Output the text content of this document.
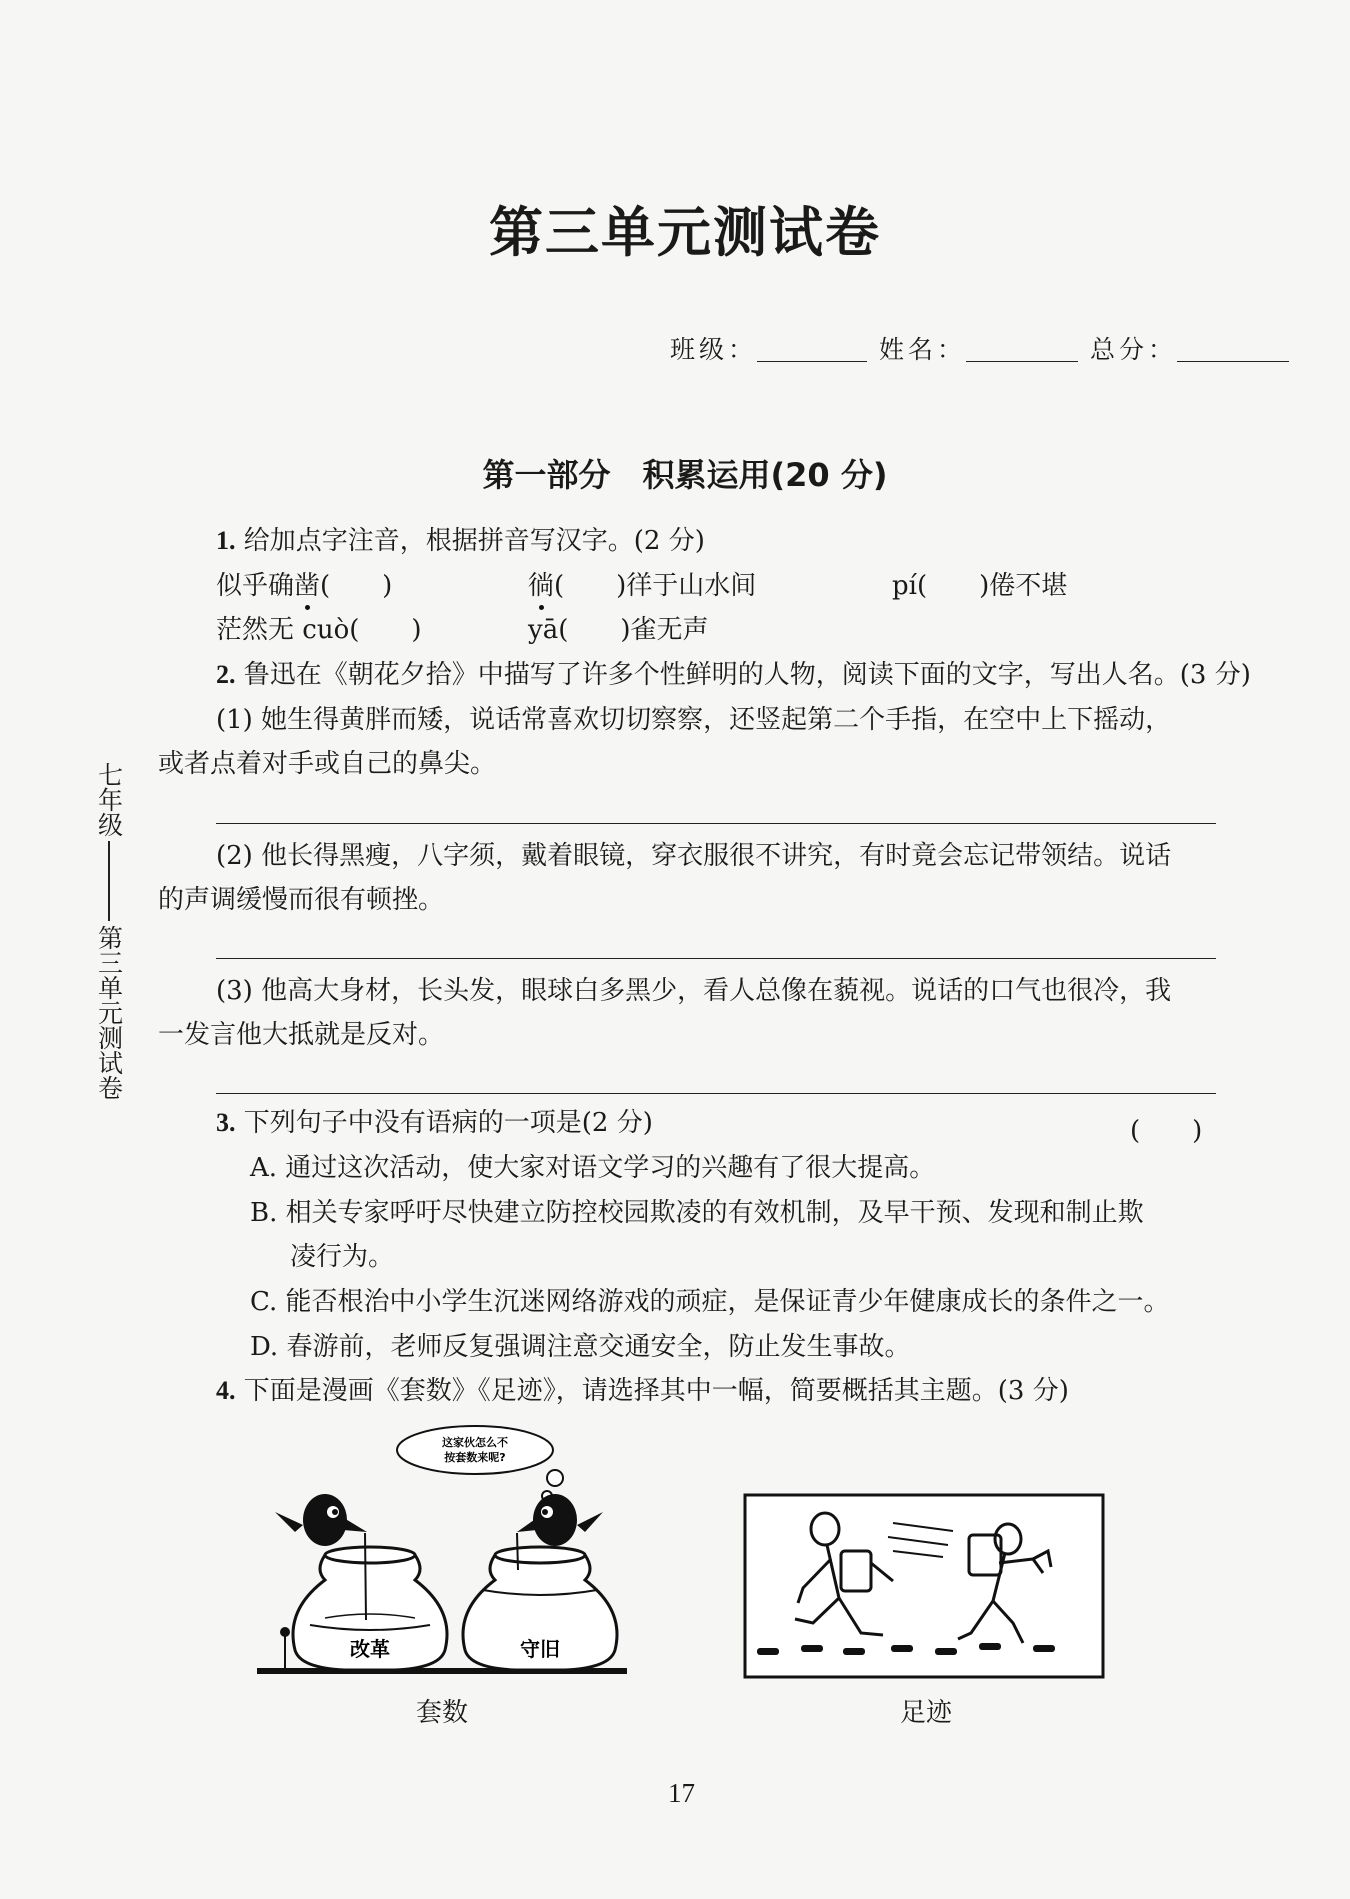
第三单元测试卷
班级：	姓名：	总分：
七年级
第三单元测试卷
第一部分　积累运用(20 分)
1. 给加点字注音，根据拼音写汉字。(2 分)
似乎确凿(　　)	徜(　　)徉于山水间	pí(　　)倦不堪
茫然无 cuò(　　)	yā(　　)雀无声
2. 鲁迅在《朝花夕拾》中描写了许多个性鲜明的人物，阅读下面的文字，写出人名。(3 分)
(1) 她生得黄胖而矮，说话常喜欢切切察察，还竖起第二个手指，在空中上下摇动，
或者点着对手或自己的鼻尖。
(2) 他长得黑瘦，八字须，戴着眼镜，穿衣服很不讲究，有时竟会忘记带领结。说话
的声调缓慢而很有顿挫。
(3) 他高大身材，长头发，眼球白多黑少，看人总像在藐视。说话的口气也很冷，我
一发言他大抵就是反对。
3. 下列句子中没有语病的一项是(2 分)	(　　)
A. 通过这次活动，使大家对语文学习的兴趣有了很大提高。
B. 相关专家呼吁尽快建立防控校园欺凌的有效机制，及早干预、发现和制止欺
凌行为。
C. 能否根治中小学生沉迷网络游戏的顽症，是保证青少年健康成长的条件之一。
D. 春游前，老师反复强调注意交通安全，防止发生事故。
4. 下面是漫画《套数》《足迹》，请选择其中一幅，简要概括其主题。(3 分)
这家伙怎么不
按套数来呢?
改革	守旧
套数	足迹
17
